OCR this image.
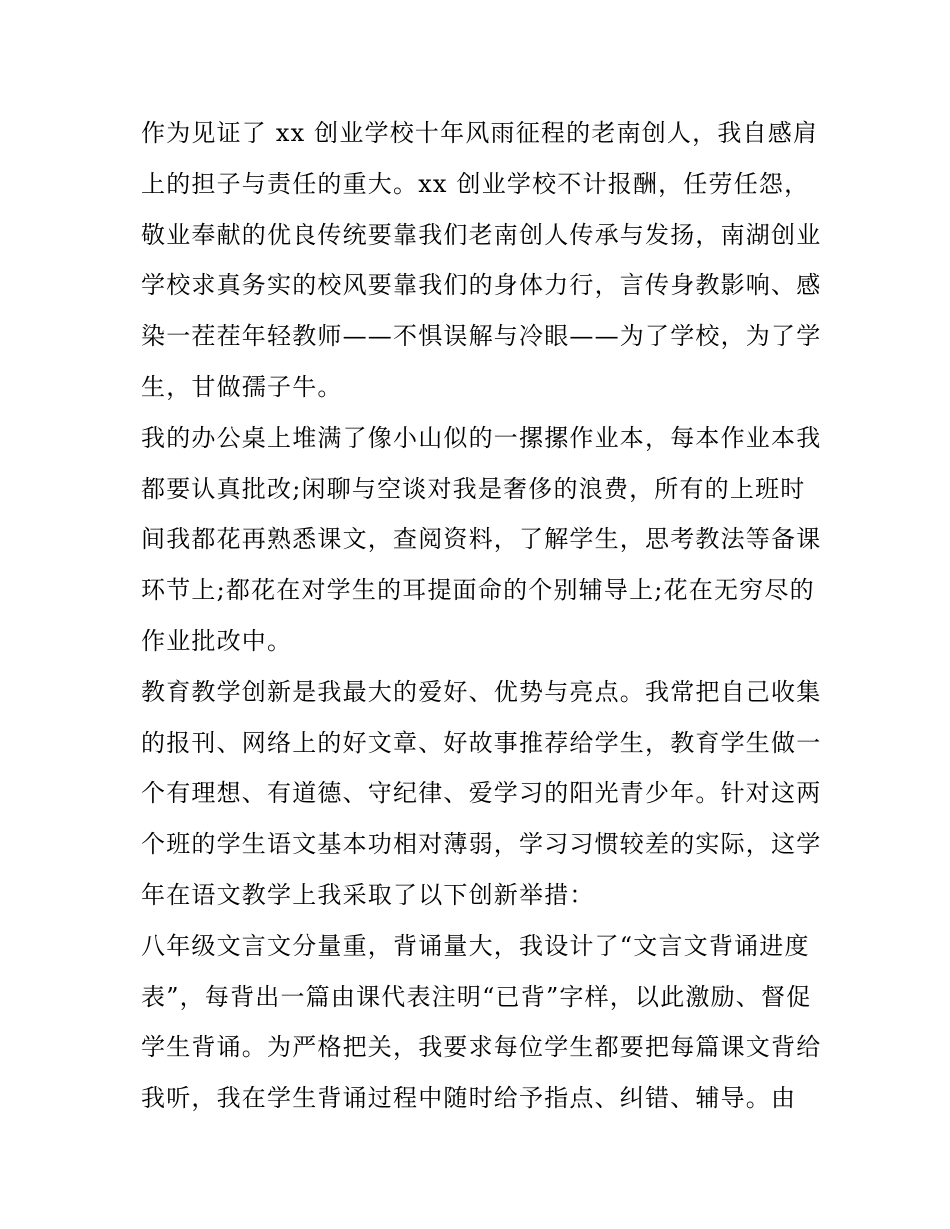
作为见证了 xx 创业学校十年风雨征程的老南创人，我自感肩

上的担子与责任的重大。xx 创业学校不计报酬，任劳任怨，

敬业奉献的优良传统要靠我们老南创人传承与发扬，南湖创业

学校求真务实的校风要靠我们的身体力行，言传身教影响、感

染一茬茬年轻教师——不惧误解与冷眼——为了学校，为了学

生，甘做孺子牛。

我的办公桌上堆满了像小山似的一摞摞作业本，每本作业本我

都要认真批改;闲聊与空谈对我是奢侈的浪费，所有的上班时

间我都花再熟悉课文，查阅资料，了解学生，思考教法等备课

环节上;都花在对学生的耳提面命的个别辅导上;花在无穷尽的

作业批改中。

教育教学创新是我最大的爱好、优势与亮点。我常把自己收集

的报刊、网络上的好文章、好故事推荐给学生，教育学生做一

个有理想、有道德、守纪律、爱学习的阳光青少年。针对这两

个班的学生语文基本功相对薄弱，学习习惯较差的实际，这学

年在语文教学上我采取了以下创新举措：

八年级文言文分量重，背诵量大，我设计了“文言文背诵进度

表”，每背出一篇由课代表注明“已背”字样，以此激励、督促

学生背诵。为严格把关，我要求每位学生都要把每篇课文背给

我听，我在学生背诵过程中随时给予指点、纠错、辅导。由
